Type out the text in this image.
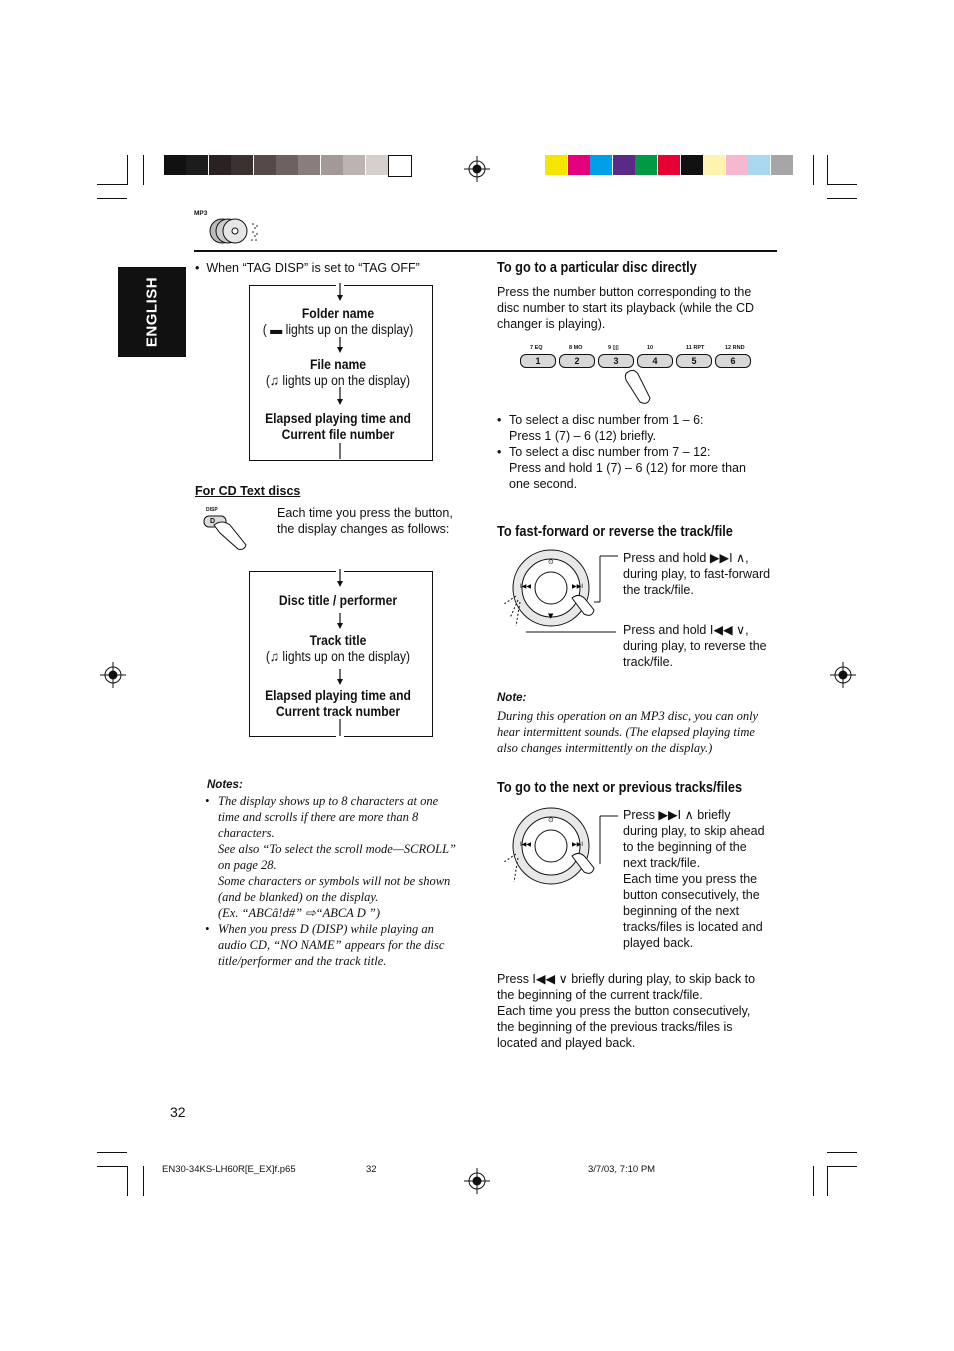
ENGLISH
MP3
•  When “TAG DISP” is set to “TAG OFF”
Folder name
( ▬ lights up on the display)
File name
(♫ lights up on the display)
Elapsed playing time and
Current file number
For CD Text discs
DISP
D
Each time you press the button,
the display changes as follows:
Disc title / performer
Track title
(♫ lights up on the display)
Elapsed playing time and
Current track number
Notes:
• The display shows up to 8 characters at one
time and scrolls if there are more than 8
characters.
See also “To select the scroll mode—SCROLL”
on page 28.
Some characters or symbols will not be shown
(and be blanked) on the display.
(Ex. “ABCâ!d#” ⇨“ABCA D ”)
• When you press D (DISP) while playing an
audio CD, “NO NAME” appears for the disc
title/performer and the track title.
To go to a particular disc directly
Press the number button corresponding to the
disc number to start its playback (while the CD
changer is playing).
7 EQ
1
8 MO
2
9 ▯▯
3
10
4
11 RPT
5
12 RND
6
• To select a disc number from 1 – 6:
Press 1 (7) – 6 (12) briefly.
• To select a disc number from 7 – 12:
Press and hold 1 (7) – 6 (12) for more than
one second.
To fast-forward or reverse the track/file
I◀◀	▶▶I
⊙
▼
Press and hold ▶▶I ∧,
during play, to fast-forward
the track/file.
Press and hold I◀◀ ∨,
during play, to reverse the
track/file.
Note:
During this operation on an MP3 disc, you can only
hear intermittent sounds. (The elapsed playing time
also changes intermittently on the display.)
To go to the next or previous tracks/files
I◀◀	▶▶I
⊙	Press ▶▶I ∧ briefly
during play, to skip ahead
to the beginning of the
next track/file.
Each time you press the
button consecutively, the
beginning of the next
tracks/files is located and
played back.
Press I◀◀ ∨ briefly during play, to skip back to
the beginning of the current track/file.
Each time you press the button consecutively,
the beginning of the previous tracks/files is
located and played back.
32
EN30-34KS-LH60R[E_EX]f.p65	32	3/7/03, 7:10 PM
